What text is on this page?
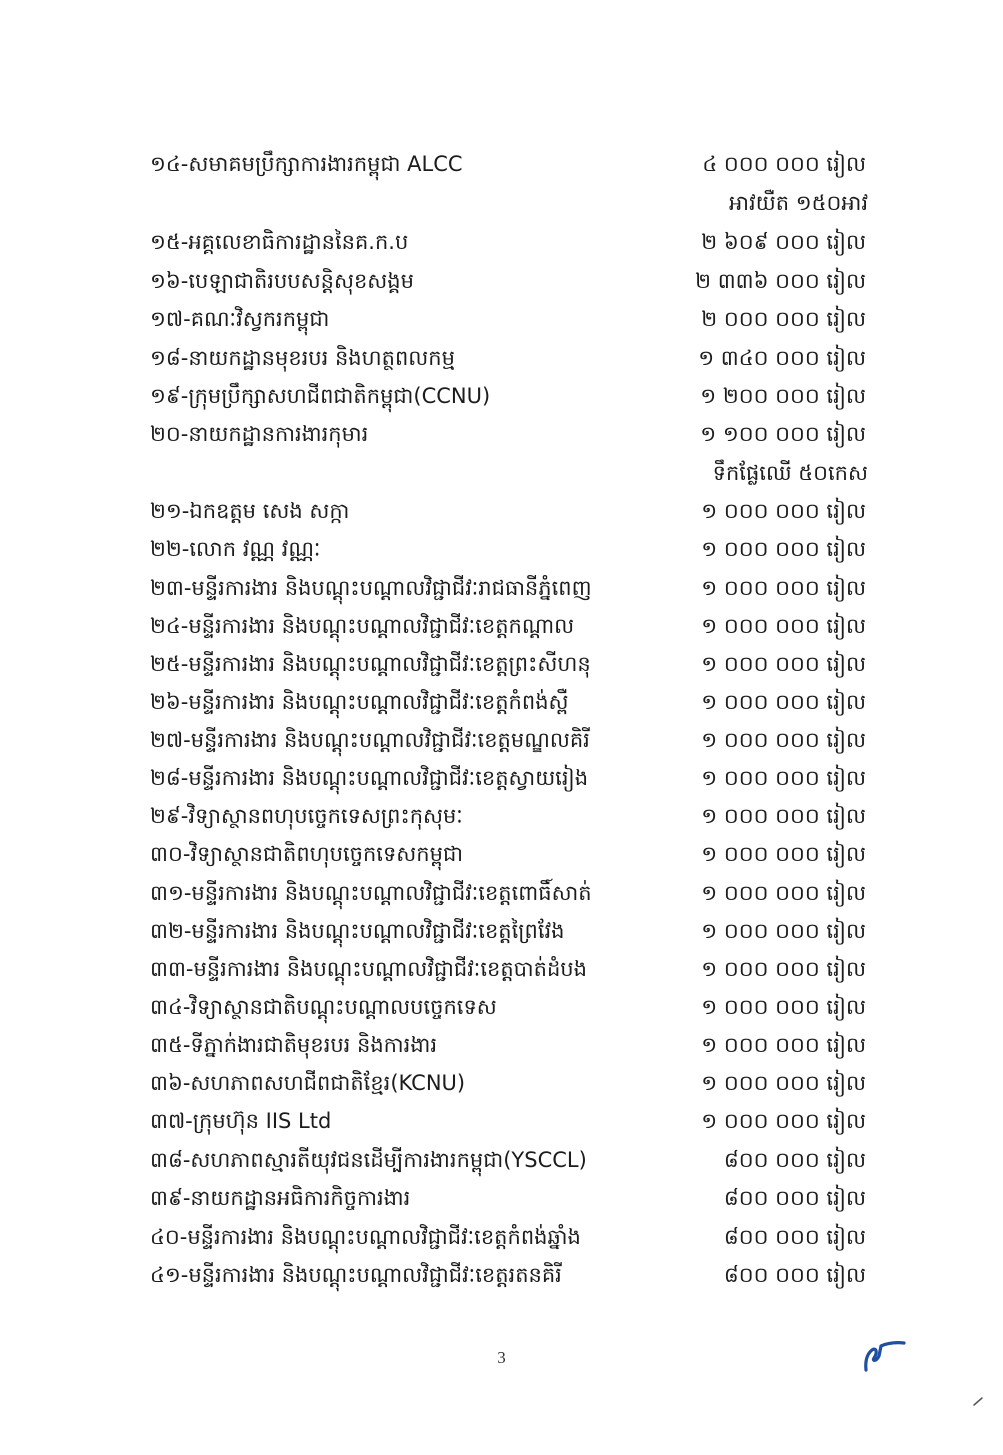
១៤-សមាគមប្រឹក្សាការងារកម្ពុជា ALCC	៤ ០០០ ០០០ រៀល
អាវយឺត ១៥០អាវ
១៥-អគ្គលេខាធិការដ្ឋាននៃគ.ក.ប	២ ៦០៩ ០០០ រៀល
១៦-បេឡាជាតិរបបសន្តិសុខសង្គម	២ ៣៣៦ ០០០ រៀល
១៧-គណៈវិស្វករកម្ពុជា	២ ០០០ ០០០ រៀល
១៨-នាយកដ្ឋានមុខរបរ និងហត្ថពលកម្ម	១ ៣៤០ ០០០ រៀល
១៩-ក្រុមប្រឹក្សាសហជីពជាតិកម្ពុជា(CCNU)	១ ២០០ ០០០ រៀល
២០-នាយកដ្ឋានការងារកុមារ	១ ១០០ ០០០ រៀល
ទឹកផ្លែឈើ ៥០កេស
២១-ឯកឧត្តម សេង សក្កា	១ ០០០ ០០០ រៀល
២២-លោក វណ្ណ វណ្ណៈ	១ ០០០ ០០០ រៀល
២៣-មន្ទីរការងារ និងបណ្តុះបណ្តាលវិជ្ជាជីវៈរាជធានីភ្នំពេញ	១ ០០០ ០០០ រៀល
២៤-មន្ទីរការងារ និងបណ្តុះបណ្តាលវិជ្ជាជីវៈខេត្តកណ្តាល	១ ០០០ ០០០ រៀល
២៥-មន្ទីរការងារ និងបណ្តុះបណ្តាលវិជ្ជាជីវៈខេត្តព្រះសីហនុ	១ ០០០ ០០០ រៀល
២៦-មន្ទីរការងារ និងបណ្តុះបណ្តាលវិជ្ជាជីវៈខេត្តកំពង់ស្ពឺ	១ ០០០ ០០០ រៀល
២៧-មន្ទីរការងារ និងបណ្តុះបណ្តាលវិជ្ជាជីវៈខេត្តមណ្ឌលគិរី	១ ០០០ ០០០ រៀល
២៨-មន្ទីរការងារ និងបណ្តុះបណ្តាលវិជ្ជាជីវៈខេត្តស្វាយរៀង	១ ០០០ ០០០ រៀល
២៩-វិទ្យាស្ថានពហុបច្ចេកទេសព្រះកុសុមៈ	១ ០០០ ០០០ រៀល
៣០-វិទ្យាស្ថានជាតិពហុបច្ចេកទេសកម្ពុជា	១ ០០០ ០០០ រៀល
៣១-មន្ទីរការងារ និងបណ្តុះបណ្តាលវិជ្ជាជីវៈខេត្តពោធិ៍សាត់	១ ០០០ ០០០ រៀល
៣២-មន្ទីរការងារ និងបណ្តុះបណ្តាលវិជ្ជាជីវៈខេត្តព្រៃវែង	១ ០០០ ០០០ រៀល
៣៣-មន្ទីរការងារ និងបណ្តុះបណ្តាលវិជ្ជាជីវៈខេត្តបាត់ដំបង	១ ០០០ ០០០ រៀល
៣៤-វិទ្យាស្ថានជាតិបណ្តុះបណ្តាលបច្ចេកទេស	១ ០០០ ០០០ រៀល
៣៥-ទីភ្នាក់ងារជាតិមុខរបរ និងការងារ	១ ០០០ ០០០ រៀល
៣៦-សហភាពសហជីពជាតិខ្មែរ(KCNU)	១ ០០០ ០០០ រៀល
៣៧-ក្រុមហ៊ុន IIS Ltd	១ ០០០ ០០០ រៀល
៣៨-សហភាពស្មារតីយុវជនដើម្បីការងារកម្ពុជា(YSCCL)	៨០០ ០០០ រៀល
៣៩-នាយកដ្ឋានអធិការកិច្ចការងារ	៨០០ ០០០ រៀល
៤០-មន្ទីរការងារ និងបណ្តុះបណ្តាលវិជ្ជាជីវៈខេត្តកំពង់ឆ្នាំង	៨០០ ០០០ រៀល
៤១-មន្ទីរការងារ និងបណ្តុះបណ្តាលវិជ្ជាជីវៈខេត្តរតនគិរី	៨០០ ០០០ រៀល
3
